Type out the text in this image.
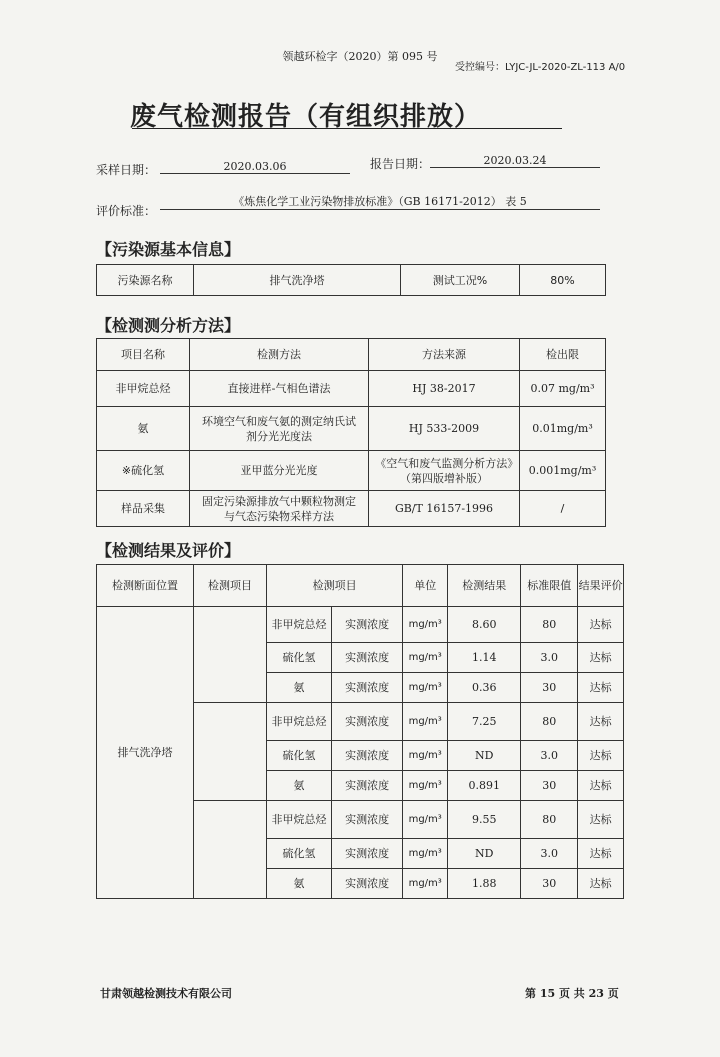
领越环检字（2020）第 095 号
受控编号：LYJC-JL-2020-ZL-113 A/0
废气检测报告（有组织排放）
采样日期：	2020.03.06	报告日期：	2020.03.24
评价标准：
《炼焦化学工业污染物排放标准》（GB 16171-2012） 表 5
【污染源基本信息】
污染源名称	排气洗净塔	测试工况%	80%
【检测测分析方法】
项目名称	检测方法	方法来源	检出限
非甲烷总烃	直接进样-气相色谱法	HJ 38-2017	0.07 mg/m³
氨	环境空气和废气氨的测定纳氏试剂分光光度法	HJ 533-2009	0.01mg/m³
※硫化氢	亚甲蓝分光光度	《空气和废气监测分析方法》（第四版增补版）	0.001mg/m³
样品采集	固定污染源排放气中颗粒物测定与气态污染物采样方法	GB/T 16157-1996	/
【检测结果及评价】
检测断面位置	检测项目	检测项目		单位	检测结果	标准限值	结果评价
排气洗净塔		非甲烷总烃	实测浓度	mg/m³	8.60	80	达标
		硫化氢	实测浓度	mg/m³	1.14	3.0	达标
		氨	实测浓度	mg/m³	0.36	30	达标
		非甲烷总烃	实测浓度	mg/m³	7.25	80	达标
		硫化氢	实测浓度	mg/m³	ND	3.0	达标
		氨	实测浓度	mg/m³	0.891	30	达标
		非甲烷总烃	实测浓度	mg/m³	9.55	80	达标
		硫化氢	实测浓度	mg/m³	ND	3.0	达标
		氨	实测浓度	mg/m³	1.88	30	达标
甘肃领越检测技术有限公司	第 15 页 共 23 页
